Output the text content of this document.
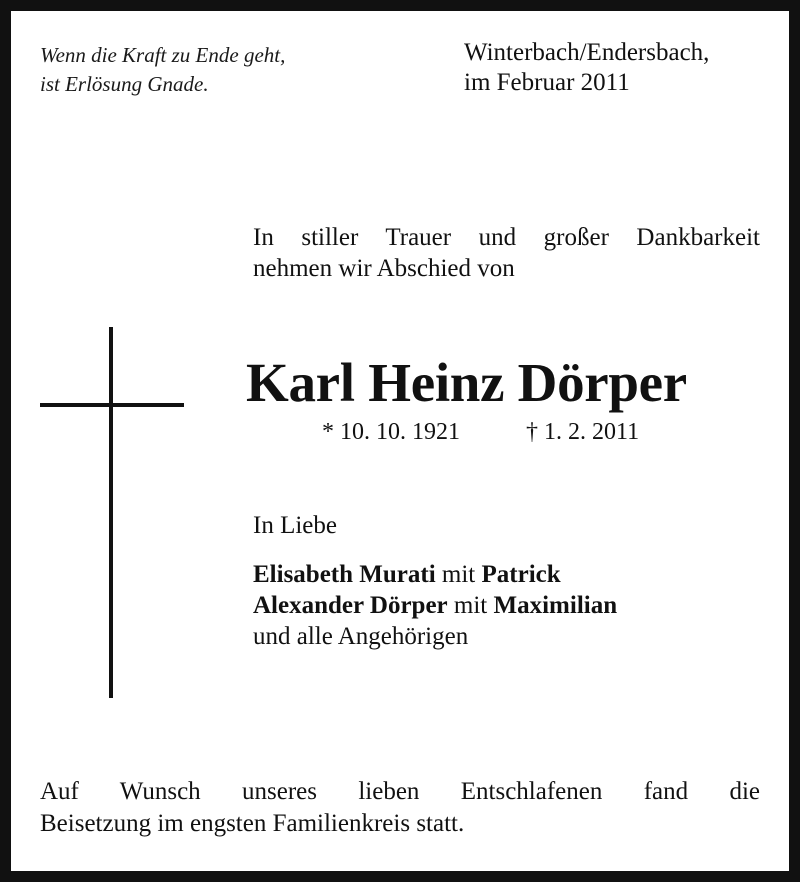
Wenn die Kraft zu Ende geht,
ist Erlösung Gnade.
Winterbach/Endersbach,
im Februar 2011
In stiller Trauer und großer Dankbarkeit
nehmen wir Abschied von
Karl Heinz Dörper
* 10. 10. 1921	† 1. 2. 2011
In Liebe
Elisabeth Murati mit Patrick
Alexander Dörper mit Maximilian
und alle Angehörigen
Auf Wunsch unseres lieben Entschlafenen fand die
Beisetzung im engsten Familienkreis statt.
